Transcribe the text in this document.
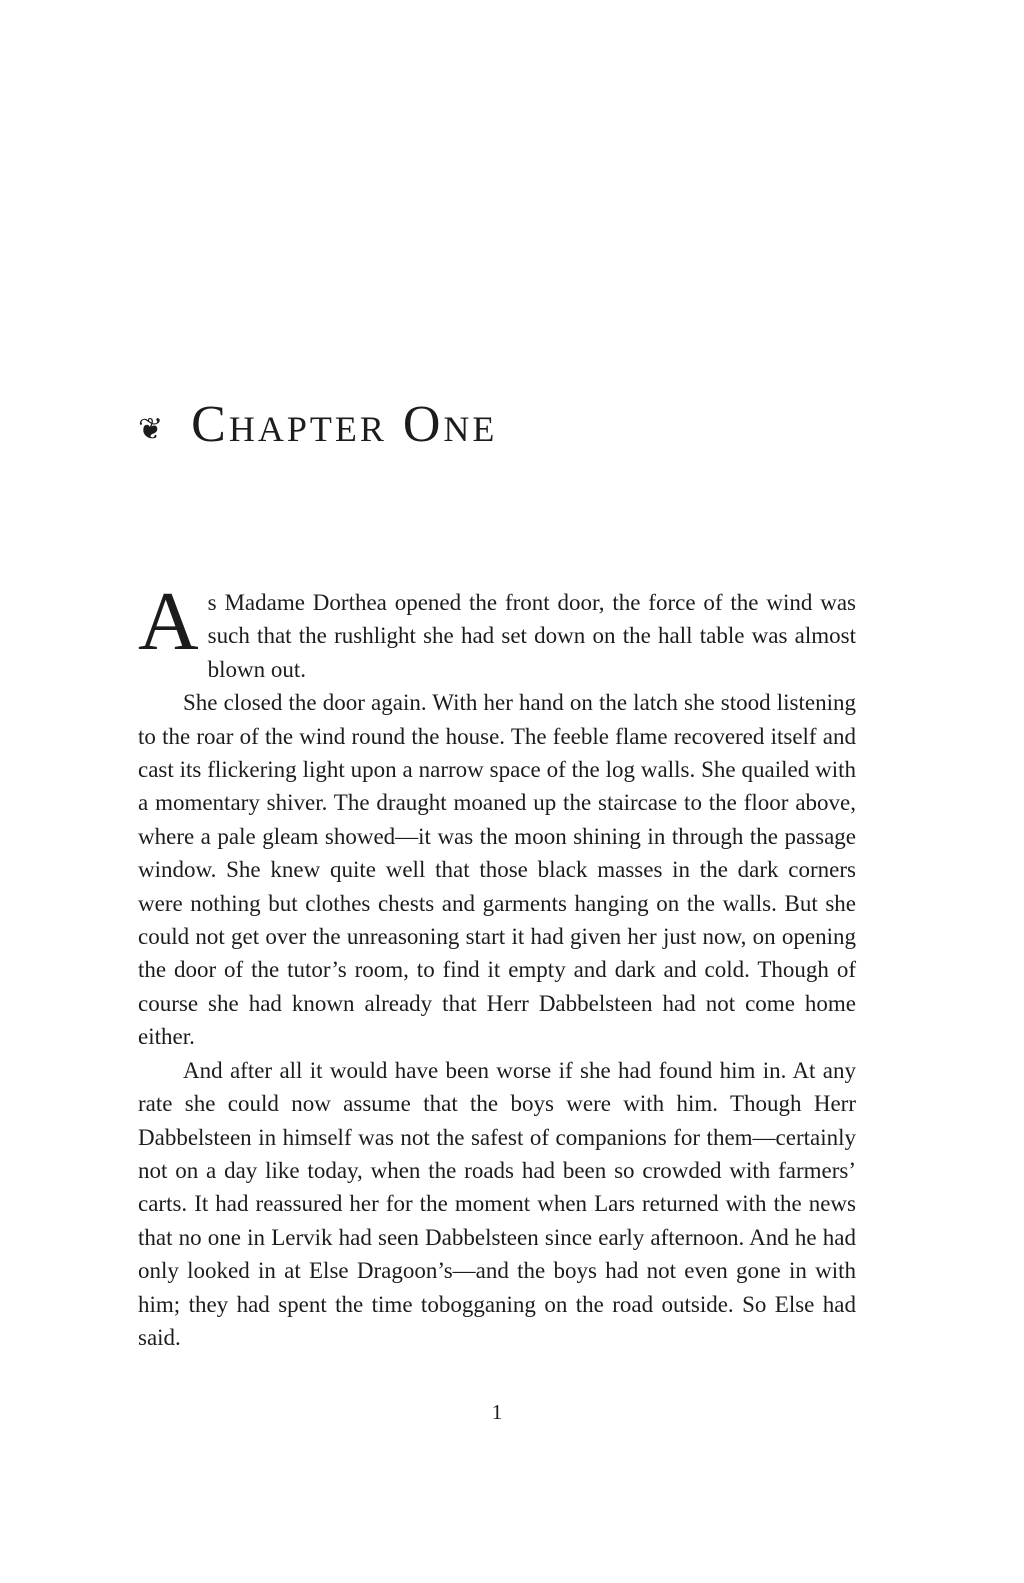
❦ Chapter One

As Madame Dorthea opened the front door, the force of the wind was such that the rushlight she had set down on the hall table was almost blown out.

She closed the door again. With her hand on the latch she stood listening to the roar of the wind round the house. The feeble flame recovered itself and cast its flickering light upon a narrow space of the log walls. She quailed with a momentary shiver. The draught moaned up the staircase to the floor above, where a pale gleam showed—it was the moon shining in through the passage window. She knew quite well that those black masses in the dark corners were nothing but clothes chests and garments hanging on the walls. But she could not get over the unreasoning start it had given her just now, on opening the door of the tutor’s room, to find it empty and dark and cold. Though of course she had known already that Herr Dabbelsteen had not come home either.

And after all it would have been worse if she had found him in. At any rate she could now assume that the boys were with him. Though Herr Dabbelsteen in himself was not the safest of companions for them—certainly not on a day like today, when the roads had been so crowded with farmers’ carts. It had reassured her for the moment when Lars returned with the news that no one in Lervik had seen Dabbelsteen since early afternoon. And he had only looked in at Else Dragoon’s—and the boys had not even gone in with him; they had spent the time tobogganing on the road outside. So Else had said.

1
